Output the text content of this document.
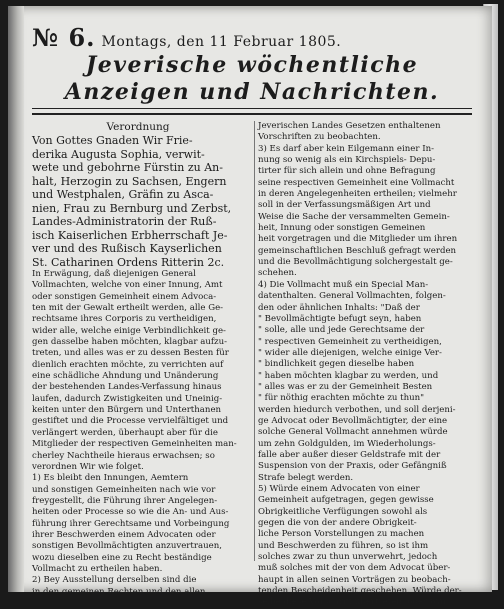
№ 6. Montags, den 11 Februar 1805.
Jeverische wöchentliche
Anzeigen und Nachrichten.
Verordnung
Von Gottes Gnaden Wir Frie-
derika Augusta Sophia, verwit-
wete und gebohrne Fürstin zu An-
halt, Herzogin zu Sachsen, Engern
und Westphalen, Gräfin zu Asca-
nien, Frau zu Bernburg und Zerbst,
Landes-Administratorin der Ruß-
isch Kaiserlichen Erbherrschaft Je-
ver und des Rußisch Kayserlichen
St. Catharinen Ordens Ritterin 2c.
In Erwägung, daß diejenigen General
Vollmachten, welche von einer Innung, Amt
oder sonstigen Gemeinheit einem Advoca-
ten mit der Gewalt ertheilt werden, alle Ge-
rechtsame ihres Corporis zu vertheidigen,
wider alle, welche einige Verbindlichkeit ge-
gen dasselbe haben möchten, klagbar aufzu-
treten, und alles was er zu dessen Besten für
dienlich erachten möchte, zu verrichten auf
eine schädliche Ahndung und Unänderung
der bestehenden Landes-Verfassung hinaus
laufen, dadurch Zwistigkeiten und Uneinig-
keiten unter den Bürgern und Unterthanen
gestiftet und die Processe vervielfältiget und
verlängert werden, überhaupt aber für die
Mitglieder der respectiven Gemeinheiten man-
cherley Nachtheile hieraus erwachsen; so
verordnen Wir wie folget.
1) Es bleibt den Innungen, Aemtern
und sonstigen Gemeinheiten nach wie vor
freygestellt, die Führung ihrer Angelegen-
heiten oder Processe so wie die An- und Aus-
führung ihrer Gerechtsame und Vorbeingung
ihrer Beschwerden einem Advocaten oder
sonstigen Bevollmächtigten anzuvertrauen,
wozu dieselben eine zu Recht beständige
Vollmacht zu ertheilen haben.
2) Bey Ausstellung derselben sind die
in den gemeinen Rechten und den allen
Jeverischen Landes Gesetzen enthaltenen
Vorschriften zu beobachten.
3) Es darf aber kein Eilgemann einer In-
nung so wenig als ein Kirchspiels- Depu-
tirter für sich allein und ohne Befragung
seine respectiven Gemeinheit eine Vollmacht
in deren Angelegenheiten ertheilen; vielmehr
soll in der Verfassungsmäßigen Art und
Weise die Sache der versammelten Gemein-
heit, Innung oder sonstigen Gemeinen
heit vorgetragen und die Mitglieder um ihren
gemeinschaftlichen Beschluß gefragt werden
und die Bevollmächtigung solchergestalt ge-
schehen.
4) Die Vollmacht muß ein Special Man-
datenthalten. General Vollmachten, folgen-
den oder ähnlichen Inhalts: "Daß der
" Bevollmächtigte befugt seyn, haben
" solle, alle und jede Gerechtsame der
" respectiven Gemeinheit zu vertheidigen,
" wider alle diejenigen, welche einige Ver-
" bindlichkeit gegen dieselbe haben
" haben möchten klagbar zu werden, und
" alles was er zu der Gemeinheit Besten
" für nöthig erachten möchte zu thun"
werden hiedurch verbothen, und soll derjeni-
ge Advocat oder Bevollmächtigter, der eine
solche General Vollmacht annehmen würde
um zehn Goldgulden, im Wiederholungs-
falle aber außer dieser Geldstrafe mit der
Suspension von der Praxis, oder Gefängniß
Strafe belegt werden.
5) Würde einem Advocaten von einer
Gemeinheit aufgetragen, gegen gewisse
Obrigkeitliche Verfügungen sowohl als
gegen die von der andere Obrigkeit-
liche Person Vorstellungen zu machen
und Beschwerden zu führen, so ist ihm
solches zwar zu thun unverwehrt, jedoch
muß solches mit der von dem Advocat über-
haupt in allen seinen Vorträgen zu beobach-
tenden Bescheidenheit geschehen. Würde der-
selbe diese Vorschrift übertreten, oder wür-
